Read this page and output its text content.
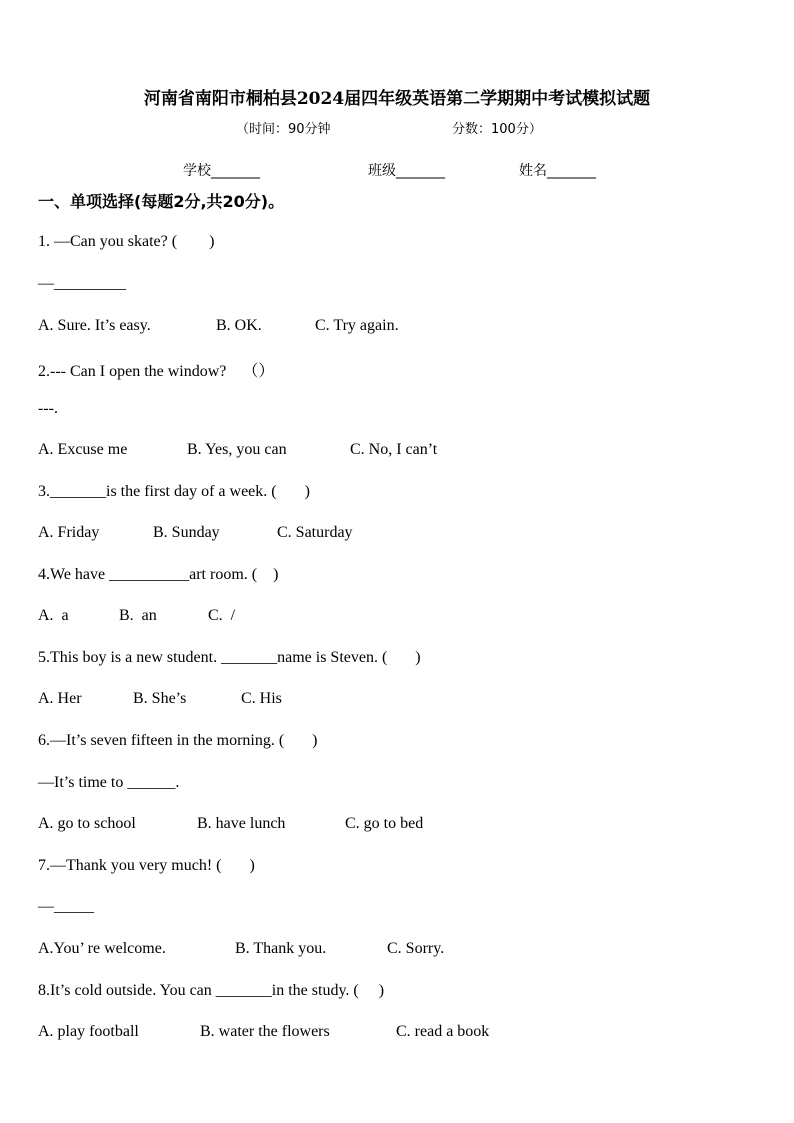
河南省南阳市桐柏县2024届四年级英语第二学期期中考试模拟试题
（时间：90分钟	分数：100分）
学校_______	班级_______	姓名_______
一、单项选择(每题2分,共20分)。
1. —Can you skate? (        )
—_________
A. Sure. It’s easy.	B. OK.	C. Try again.
2.--- Can I open the window?    （）
---.
A. Excuse me	B. Yes, you can	C. No, I can’t
3._______is the first day of a week. (       )
A. Friday	B. Sunday	C. Saturday
4.We have __________art room. (    )
A.  a	B.  an	C.  /
5.This boy is a new student. _______name is Steven. (       )
A. Her	B. She’s	C. His
6.—It’s seven fifteen in the morning. (       )
—It’s time to ______.
A. go to school	B. have lunch	C. go to bed
7.—Thank you very much! (       )
—_____
A.You’ re welcome.	B. Thank you.	C. Sorry.
8.It’s cold outside. You can _______in the study. (     )
A. play football	B. water the flowers	C. read a book
